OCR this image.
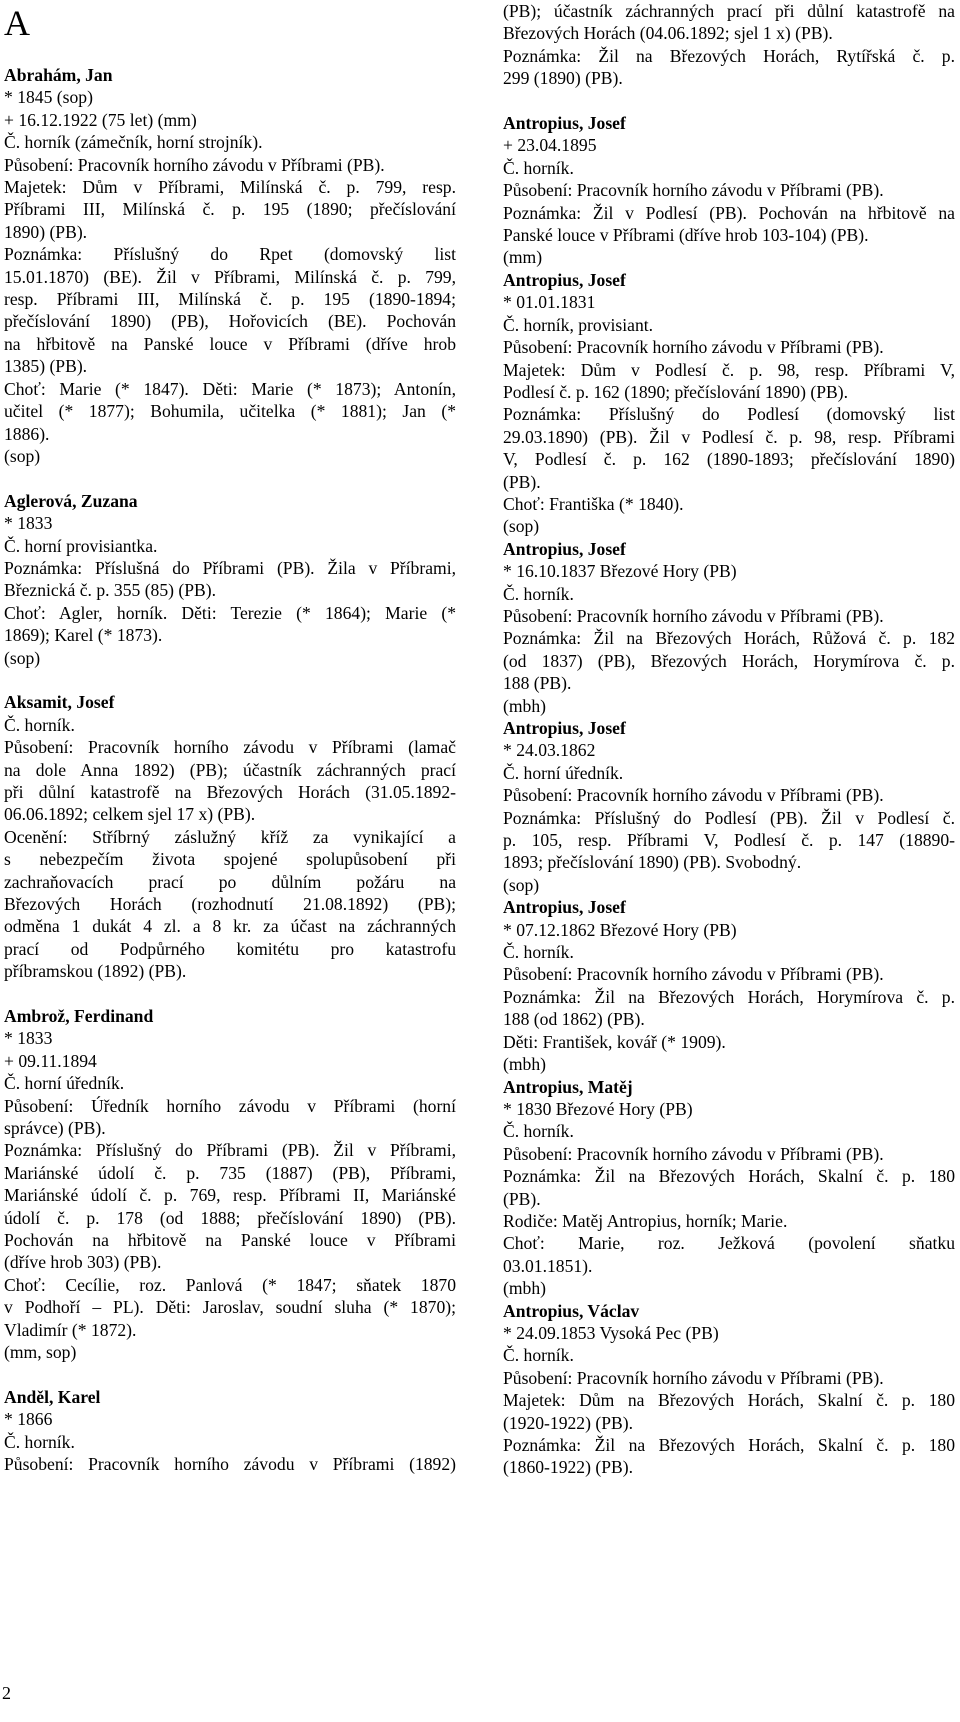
A
Abrahám, Jan
* 1845 (sop)
+ 16.12.1922 (75 let) (mm)
Č. horník (zámečník, horní strojník).
Působení: Pracovník horního závodu v Příbrami (PB).
Majetek: Dům v Příbrami, Milínská č. p. 799, resp.
Příbrami III, Milínská č. p. 195 (1890; přečíslování
1890) (PB).
Poznámka: Příslušný do Rpet (domovský list
15.01.1870) (BE). Žil v Příbrami, Milínská č. p. 799,
resp. Příbrami III, Milínská č. p. 195 (1890-1894;
přečíslování 1890) (PB), Hořovicích (BE). Pochován
na hřbitově na Panské louce v Příbrami (dříve hrob
1385) (PB).
Choť: Marie (* 1847). Děti: Marie (* 1873); Antonín,
učitel (* 1877); Bohumila, učitelka (* 1881); Jan (*
1886).
(sop)
Aglerová, Zuzana
* 1833
Č. horní provisiantka.
Poznámka: Příslušná do Příbrami (PB). Žila v Příbrami,
Březnická č. p. 355 (85) (PB).
Choť: Agler, horník. Děti: Terezie (* 1864); Marie (*
1869); Karel (* 1873).
(sop)
Aksamit, Josef
Č. horník.
Působení: Pracovník horního závodu v Příbrami (lamač
na dole Anna 1892) (PB); účastník záchranných prací
při důlní katastrofě na Březových Horách (31.05.1892-
06.06.1892; celkem sjel 17 x) (PB).
Ocenění: Stříbrný záslužný kříž za vynikající a
s nebezpečím života spojené spolupůsobení při
zachraňovacích prací po důlním požáru na
Březových Horách (rozhodnutí 21.08.1892) (PB);
odměna 1 dukát 4 zl. a 8 kr. za účast na záchranných
prací od Podpůrného komitétu pro katastrofu
příbramskou (1892) (PB).
Ambrož, Ferdinand
* 1833
+ 09.11.1894
Č. horní úředník.
Působení: Úředník horního závodu v Příbrami (horní
správce) (PB).
Poznámka: Příslušný do Příbrami (PB). Žil v Příbrami,
Mariánské údolí č. p. 735 (1887) (PB), Příbrami,
Mariánské údolí č. p. 769, resp. Příbrami II, Mariánské
údolí č. p. 178 (od 1888; přečíslování 1890) (PB).
Pochován na hřbitově na Panské louce v Příbrami
(dříve hrob 303) (PB).
Choť: Cecílie, roz. Panlová (* 1847; sňatek 1870
v Podhoří – PL). Děti: Jaroslav, soudní sluha (* 1870);
Vladimír (* 1872).
(mm, sop)
Anděl, Karel
* 1866
Č. horník.
Působení: Pracovník horního závodu v Příbrami (1892)
(PB); účastník záchranných prací při důlní katastrofě na
Březových Horách (04.06.1892; sjel 1 x) (PB).
Poznámka: Žil na Březových Horách, Rytířská č. p.
299 (1890) (PB).

Antropius, Josef
+ 23.04.1895
Č. horník.
Působení: Pracovník horního závodu v Příbrami (PB).
Poznámka: Žil v Podlesí (PB). Pochován na hřbitově na
Panské louce v Příbrami (dříve hrob 103-104) (PB).
(mm)
Antropius, Josef
* 01.01.1831
Č. horník, provisiant.
Působení: Pracovník horního závodu v Příbrami (PB).
Majetek: Dům v Podlesí č. p. 98, resp. Příbrami V,
Podlesí č. p. 162 (1890; přečíslování 1890) (PB).
Poznámka: Příslušný do Podlesí (domovský list
29.03.1890) (PB). Žil v Podlesí č. p. 98, resp. Příbrami
V, Podlesí č. p. 162 (1890-1893; přečíslování 1890)
(PB).
Choť: Františka (* 1840).
(sop)
Antropius, Josef
* 16.10.1837 Březové Hory (PB)
Č. horník.
Působení: Pracovník horního závodu v Příbrami (PB).
Poznámka: Žil na Březových Horách, Růžová č. p. 182
(od 1837) (PB), Březových Horách, Horymírova č. p.
188 (PB).
(mbh)
Antropius, Josef
* 24.03.1862
Č. horní úředník.
Působení: Pracovník horního závodu v Příbrami (PB).
Poznámka: Příslušný do Podlesí (PB). Žil v Podlesí č.
p. 105, resp. Příbrami V, Podlesí č. p. 147 (18890-
1893; přečíslování 1890) (PB). Svobodný.
(sop)
Antropius, Josef
* 07.12.1862 Březové Hory (PB)
Č. horník.
Působení: Pracovník horního závodu v Příbrami (PB).
Poznámka: Žil na Březových Horách, Horymírova č. p.
188 (od 1862) (PB).
Děti: František, kovář (* 1909).
(mbh)
Antropius, Matěj
* 1830 Březové Hory (PB)
Č. horník.
Působení: Pracovník horního závodu v Příbrami (PB).
Poznámka: Žil na Březových Horách, Skalní č. p. 180
(PB).
Rodiče: Matěj Antropius, horník; Marie.
Choť: Marie, roz. Ježková (povolení sňatku
03.01.1851).
(mbh)
Antropius, Václav
* 24.09.1853 Vysoká Pec (PB)
Č. horník.
Působení: Pracovník horního závodu v Příbrami (PB).
Majetek: Dům na Březových Horách, Skalní č. p. 180
(1920-1922) (PB).
Poznámka: Žil na Březových Horách, Skalní č. p. 180
(1860-1922) (PB).
2
